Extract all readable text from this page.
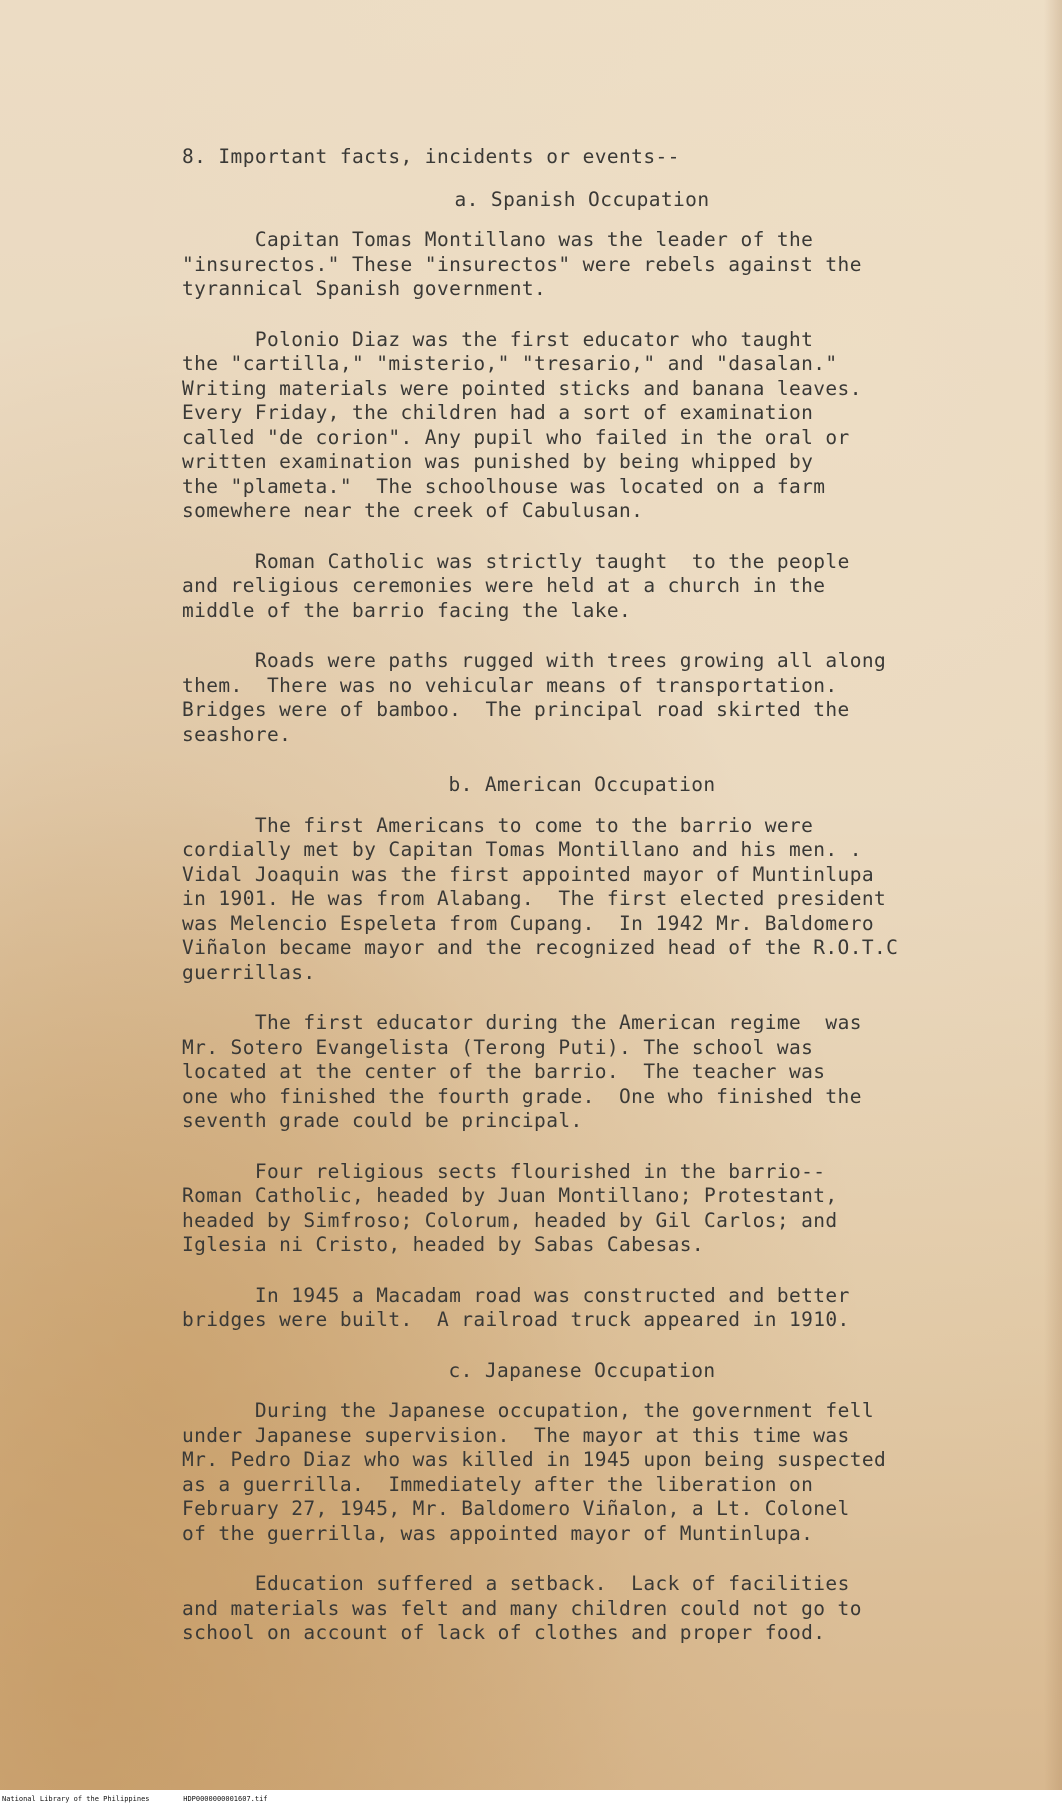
8. Important facts, incidents or events--

a. Spanish Occupation

Capitan Tomas Montillano was the leader of the
"insurectos." These "insurectos" were rebels against the
tyrannical Spanish government.

Polonio Diaz was the first educator who taught
the "cartilla," "misterio," "tresario," and "dasalan."
Writing materials were pointed sticks and banana leaves.
Every Friday, the children had a sort of examination
called "de corion". Any pupil who failed in the oral or
written examination was punished by being whipped by
the "plameta."  The schoolhouse was located on a farm
somewhere near the creek of Cabulusan.

Roman Catholic was strictly taught  to the people
and religious ceremonies were held at a church in the
middle of the barrio facing the lake.

Roads were paths rugged with trees growing all along
them.  There was no vehicular means of transportation.
Bridges were of bamboo.  The principal road skirted the
seashore.

b. American Occupation

The first Americans to come to the barrio were
cordially met by Capitan Tomas Montillano and his men. .
Vidal Joaquin was the first appointed mayor of Muntinlupa
in 1901. He was from Alabang.  The first elected president
was Melencio Espeleta from Cupang.  In 1942 Mr. Baldomero
Viñalon became mayor and the recognized head of the R.O.T.C
guerrillas.

The first educator during the American regime  was
Mr. Sotero Evangelista (Terong Puti). The school was
located at the center of the barrio.  The teacher was
one who finished the fourth grade.  One who finished the
seventh grade could be principal.

Four religious sects flourished in the barrio--
Roman Catholic, headed by Juan Montillano; Protestant,
headed by Simfroso; Colorum, headed by Gil Carlos; and
Iglesia ni Cristo, headed by Sabas Cabesas.

In 1945 a Macadam road was constructed and better
bridges were built.  A railroad truck appeared in 1910.

c. Japanese Occupation

During the Japanese occupation, the government fell
under Japanese supervision.  The mayor at this time was
Mr. Pedro Diaz who was killed in 1945 upon being suspected
as a guerrilla.  Immediately after the liberation on
February 27, 1945, Mr. Baldomero Viñalon, a Lt. Colonel
of the guerrilla, was appointed mayor of Muntinlupa.

Education suffered a setback.  Lack of facilities
and materials was felt and many children could not go to
school on account of lack of clothes and proper food.

National Library of the Philippines	HDP0000000001607.tif
